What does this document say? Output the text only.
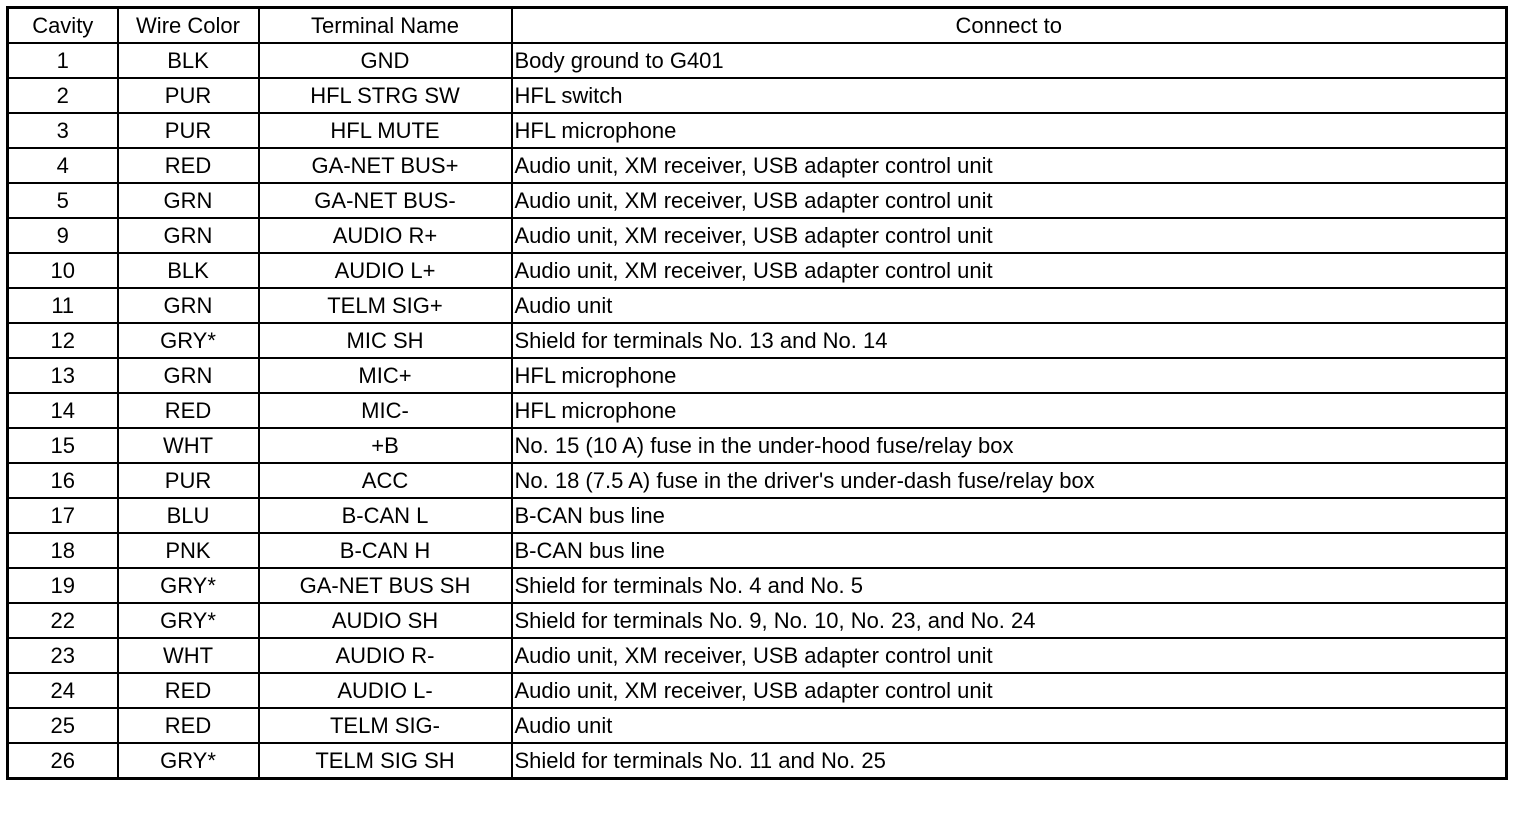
Cavity	Wire Color	Terminal Name	Connect to
1	BLK	GND	Body ground to G401
2	PUR	HFL STRG SW	HFL switch
3	PUR	HFL MUTE	HFL microphone
4	RED	GA-NET BUS+	Audio unit, XM receiver, USB adapter control unit
5	GRN	GA-NET BUS-	Audio unit, XM receiver, USB adapter control unit
9	GRN	AUDIO R+	Audio unit, XM receiver, USB adapter control unit
10	BLK	AUDIO L+	Audio unit, XM receiver, USB adapter control unit
11	GRN	TELM SIG+	Audio unit
12	GRY*	MIC SH	Shield for terminals No. 13 and No. 14
13	GRN	MIC+	HFL microphone
14	RED	MIC-	HFL microphone
15	WHT	+B	No. 15 (10 A) fuse in the under-hood fuse/relay box
16	PUR	ACC	No. 18 (7.5 A) fuse in the driver's under-dash fuse/relay box
17	BLU	B-CAN L	B-CAN bus line
18	PNK	B-CAN H	B-CAN bus line
19	GRY*	GA-NET BUS SH	Shield for terminals No. 4 and No. 5
22	GRY*	AUDIO SH	Shield for terminals No. 9, No. 10, No. 23, and No. 24
23	WHT	AUDIO R-	Audio unit, XM receiver, USB adapter control unit
24	RED	AUDIO L-	Audio unit, XM receiver, USB adapter control unit
25	RED	TELM SIG-	Audio unit
26	GRY*	TELM SIG SH	Shield for terminals No. 11 and No. 25
